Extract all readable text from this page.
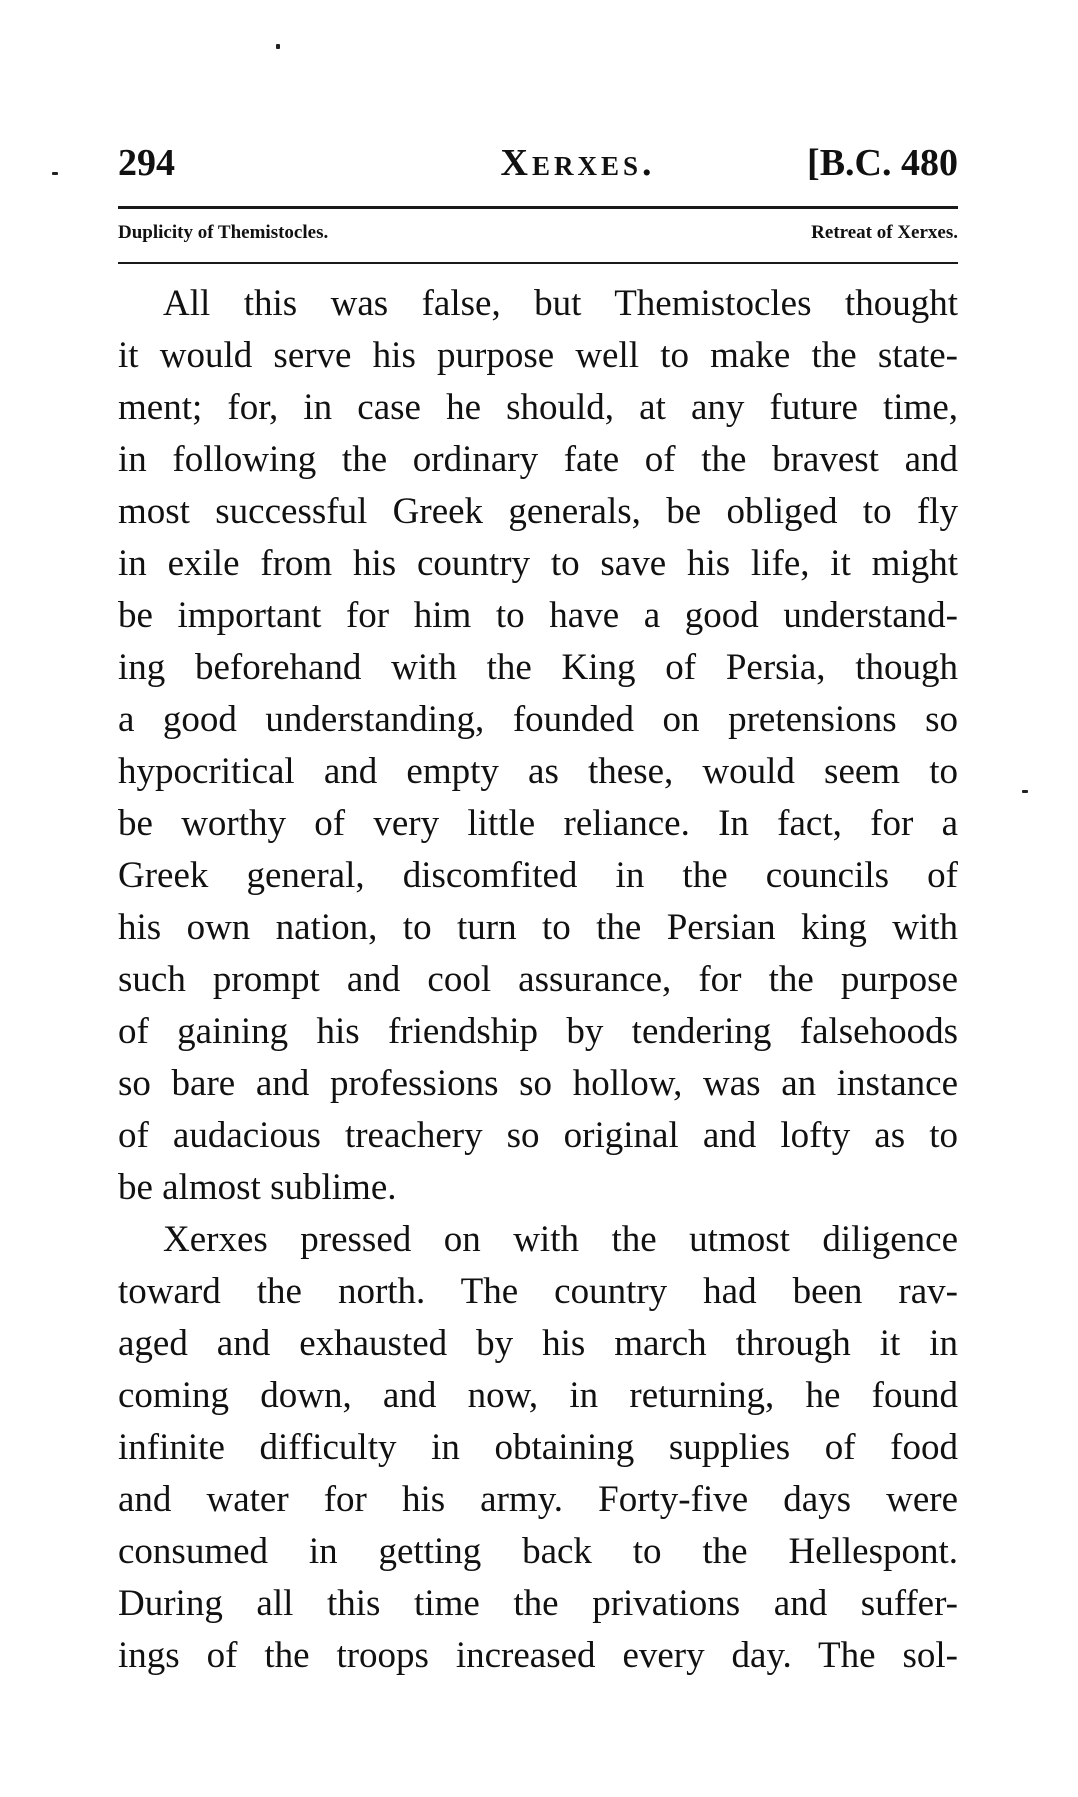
294	Xerxes.	[B.C. 480
Duplicity of Themistocles.	Retreat of Xerxes.
All this was false, but Themistocles thought
it would serve his purpose well to make the state-
ment; for, in case he should, at any future time,
in following the ordinary fate of the bravest and
most successful Greek generals, be obliged to fly
in exile from his country to save his life, it might
be important for him to have a good understand-
ing beforehand with the King of Persia, though
a good understanding, founded on pretensions so
hypocritical and empty as these, would seem to
be worthy of very little reliance. In fact, for a
Greek general, discomfited in the councils of
his own nation, to turn to the Persian king with
such prompt and cool assurance, for the purpose
of gaining his friendship by tendering falsehoods
so bare and professions so hollow, was an instance
of audacious treachery so original and lofty as to
be almost sublime.
Xerxes pressed on with the utmost diligence
toward the north. The country had been rav-
aged and exhausted by his march through it in
coming down, and now, in returning, he found
infinite difficulty in obtaining supplies of food
and water for his army. Forty-five days were
consumed in getting back to the Hellespont.
During all this time the privations and suffer-
ings of the troops increased every day. The sol-
